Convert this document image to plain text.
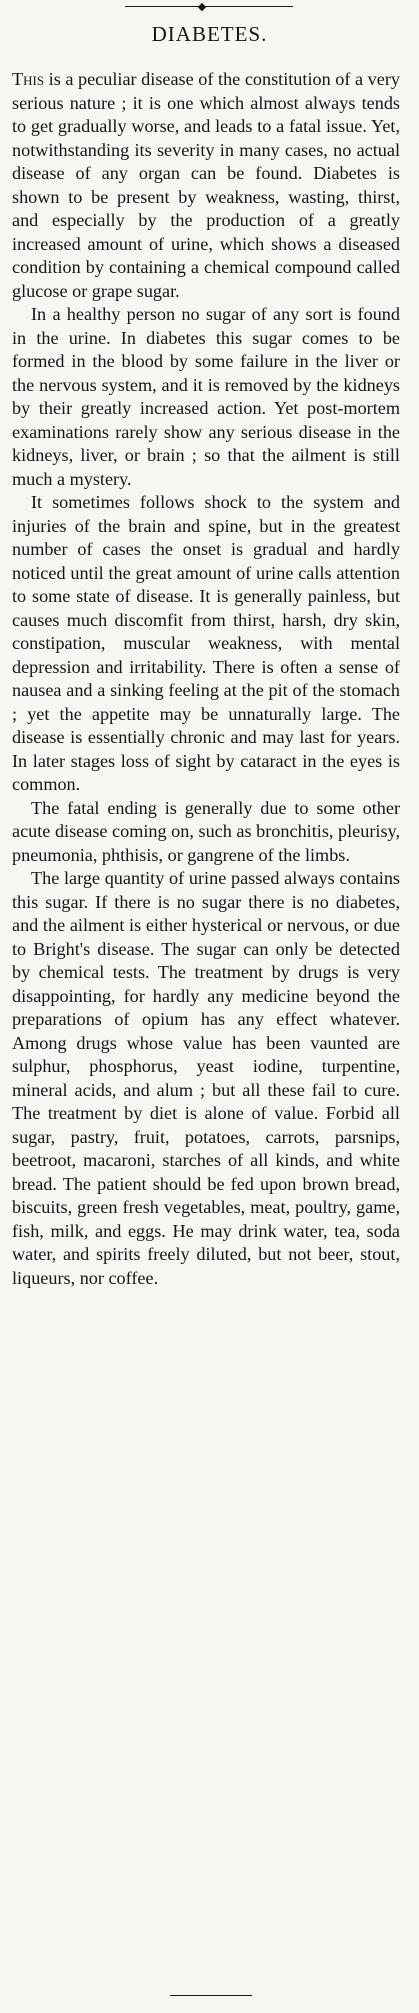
◆
DIABETES.

This is a peculiar disease of the constitution of a very serious nature ; it is one which almost always tends to get gradually worse, and leads to a fatal issue. Yet, notwithstanding its severity in many cases, no actual disease of any organ can be found. Diabetes is shown to be present by weakness, wasting, thirst, and especially by the production of a greatly increased amount of urine, which shows a diseased condition by containing a chemical compound called glucose or grape sugar.

In a healthy person no sugar of any sort is found in the urine. In diabetes this sugar comes to be formed in the blood by some failure in the liver or the nervous system, and it is removed by the kidneys by their greatly increased action. Yet post-mortem examinations rarely show any serious disease in the kidneys, liver, or brain ; so that the ailment is still much a mystery.

It sometimes follows shock to the system and injuries of the brain and spine, but in the greatest number of cases the onset is gradual and hardly noticed until the great amount of urine calls attention to some state of disease. It is generally painless, but causes much discomfit from thirst, harsh, dry skin, constipation, muscular weakness, with mental depression and irritability. There is often a sense of nausea and a sinking feeling at the pit of the stomach ; yet the appetite may be unnaturally large. The disease is essentially chronic and may last for years. In later stages loss of sight by cataract in the eyes is common.

The fatal ending is generally due to some other acute disease coming on, such as bronchitis, pleurisy, pneumonia, phthisis, or gangrene of the limbs.

The large quantity of urine passed always contains this sugar. If there is no sugar there is no diabetes, and the ailment is either hysterical or nervous, or due to Bright's disease. The sugar can only be detected by chemical tests. The treatment by drugs is very disappointing, for hardly any medicine beyond the preparations of opium has any effect whatever. Among drugs whose value has been vaunted are sulphur, phosphorus, yeast iodine, turpentine, mineral acids, and alum ; but all these fail to cure. The treatment by diet is alone of value. Forbid all sugar, pastry, fruit, potatoes, carrots, parsnips, beetroot, macaroni, starches of all kinds, and white bread. The patient should be fed upon brown bread, biscuits, green fresh vegetables, meat, poultry, game, fish, milk, and eggs. He may drink water, tea, soda water, and spirits freely diluted, but not beer, stout, liqueurs, nor coffee.
